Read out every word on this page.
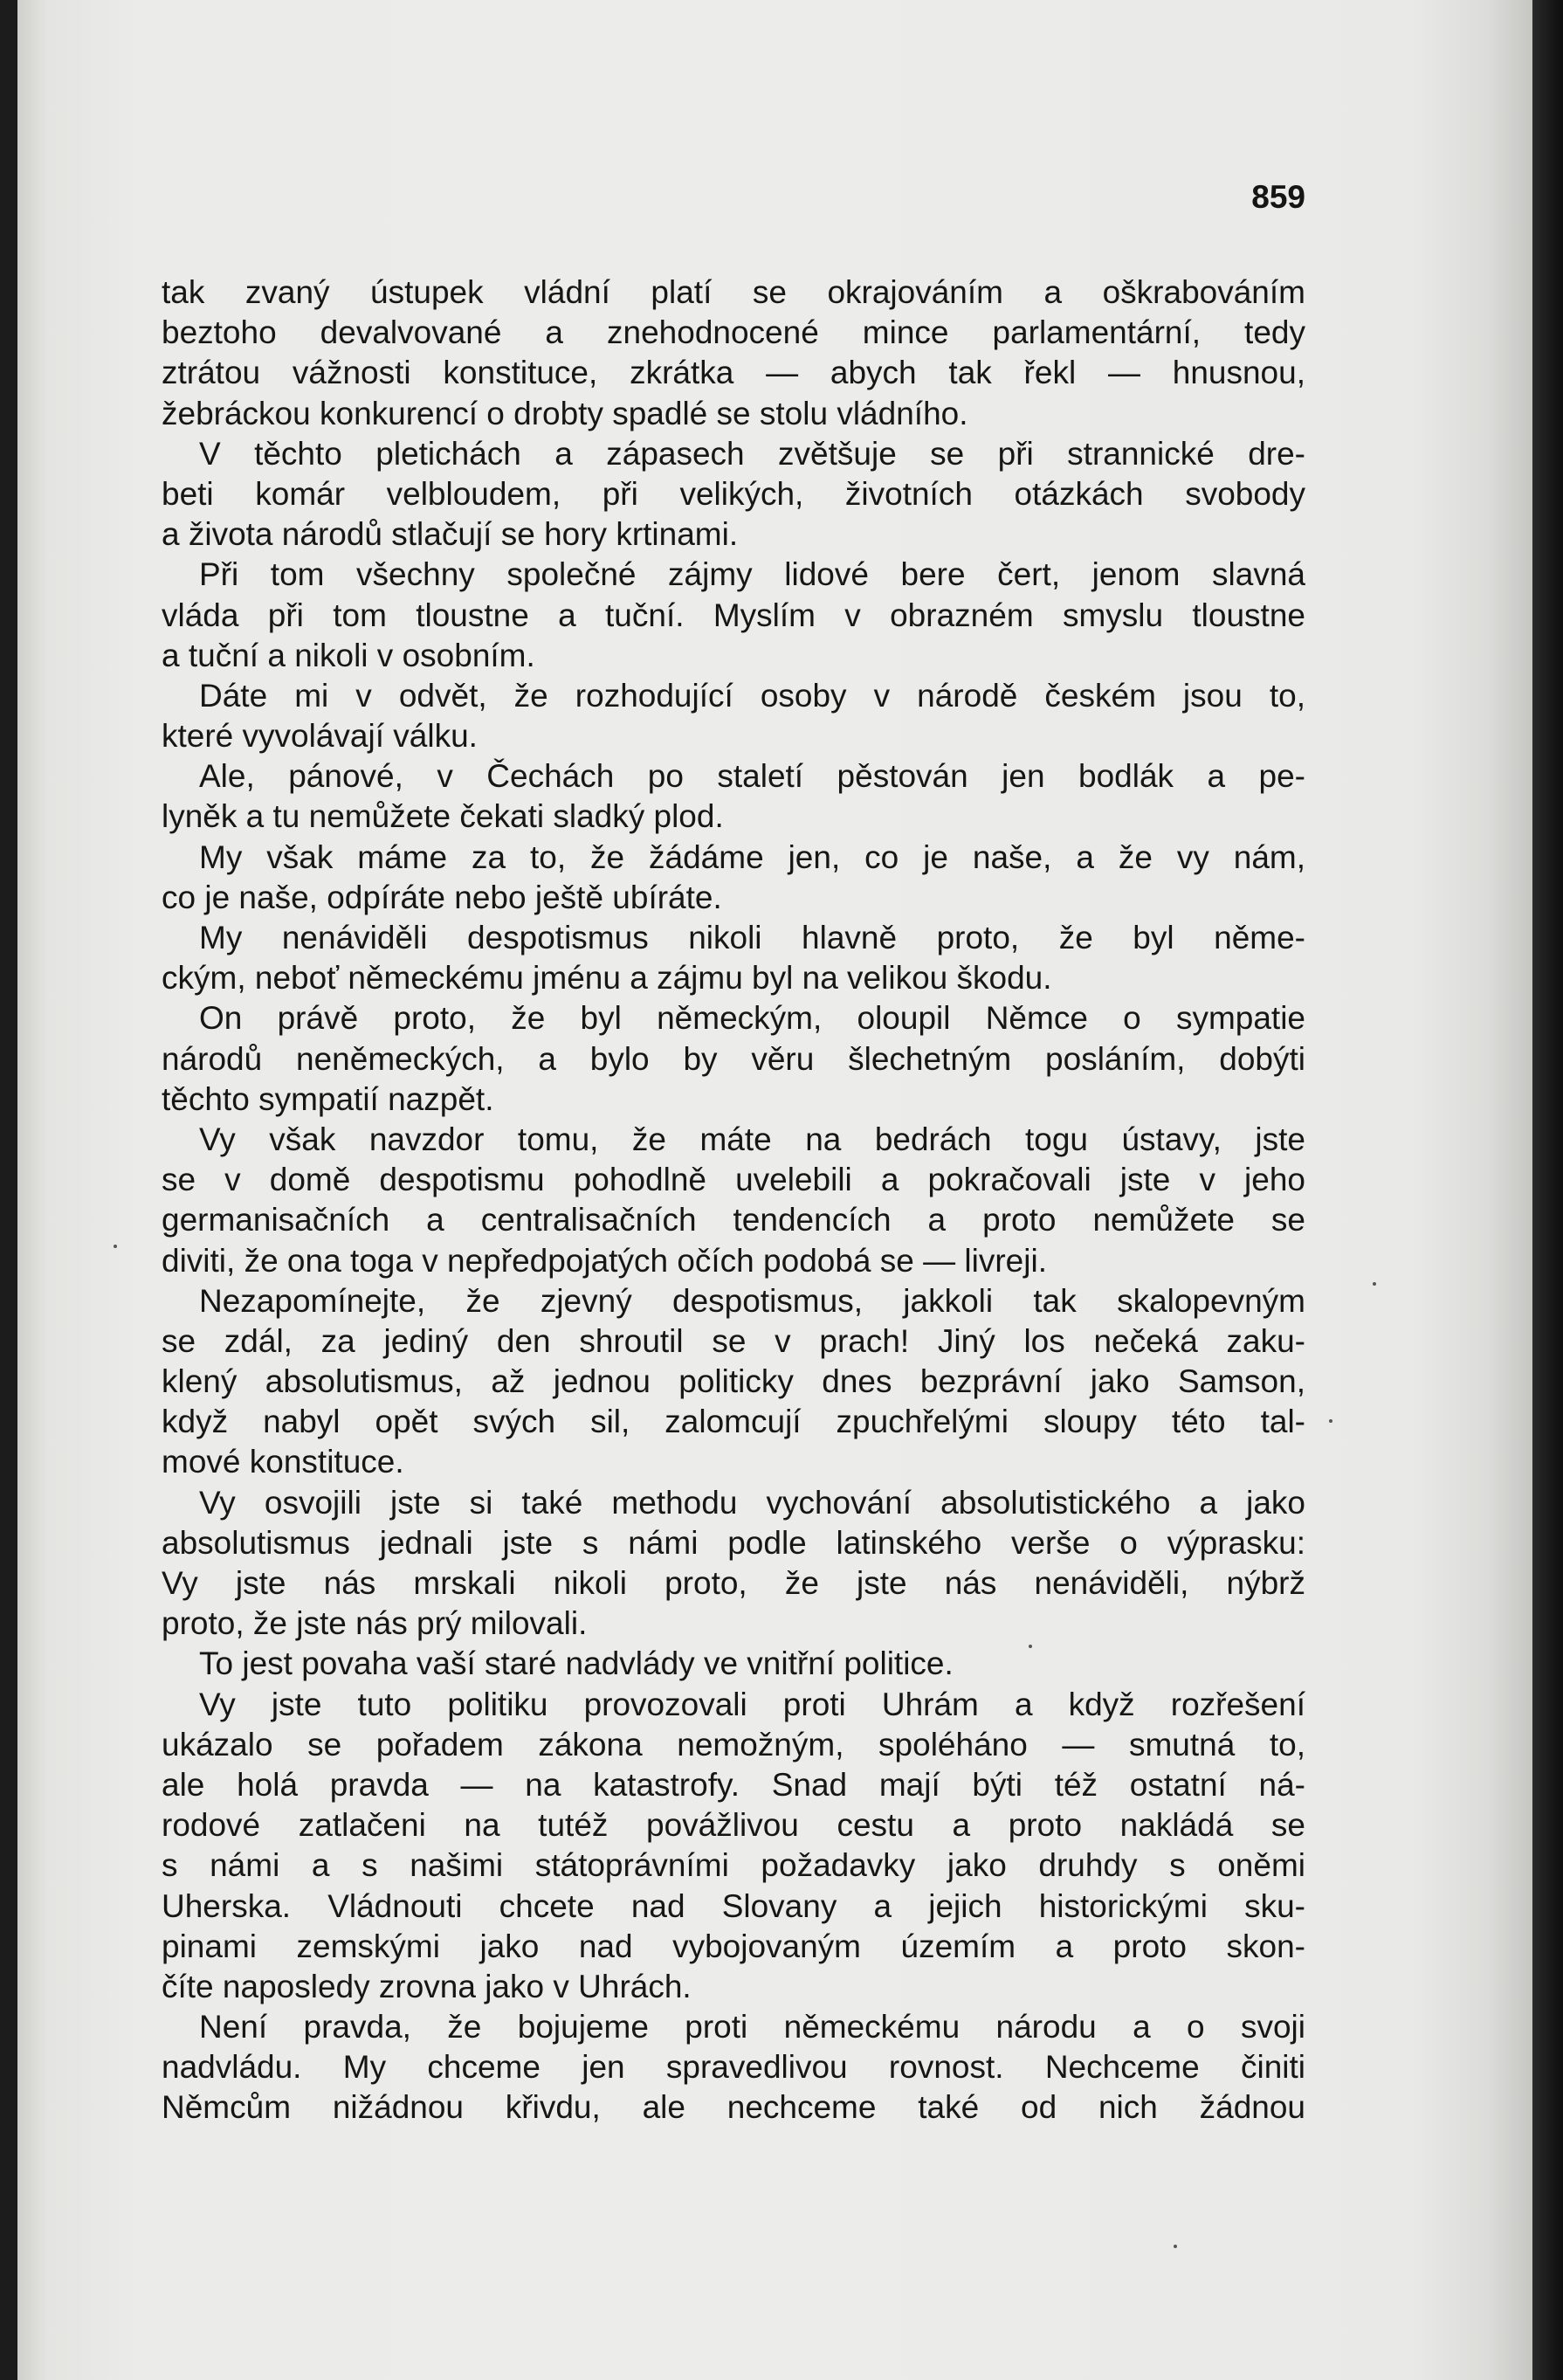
859
tak zvaný ústupek vládní platí se okrajováním a oškrabováním
beztoho devalvované a znehodnocené mince parlamentární, tedy
ztrátou vážnosti konstituce, zkrátka — abych tak řekl — hnusnou,
žebráckou konkurencí o drobty spadlé se stolu vládního.
V těchto pletichách a zápasech zvětšuje se při strannické dre-
beti komár velbloudem, při velikých, životních otázkách svobody
a života národů stlačují se hory krtinami.
Při tom všechny společné zájmy lidové bere čert, jenom slavná
vláda při tom tloustne a tuční. Myslím v obrazném smyslu tloustne
a tuční a nikoli v osobním.
Dáte mi v odvět, že rozhodující osoby v národě českém jsou to,
které vyvolávají válku.
Ale, pánové, v Čechách po staletí pěstován jen bodlák a pe-
lyněk a tu nemůžete čekati sladký plod.
My však máme za to, že žádáme jen, co je naše, a že vy nám,
co je naše, odpíráte nebo ještě ubíráte.
My nenáviděli despotismus nikoli hlavně proto, že byl něme-
ckým, neboť německému jménu a zájmu byl na velikou škodu.
On právě proto, že byl německým, oloupil Němce o sympatie
národů neněmeckých, a bylo by věru šlechetným posláním, dobýti
těchto sympatií nazpět.
Vy však navzdor tomu, že máte na bedrách togu ústavy, jste
se v domě despotismu pohodlně uvelebili a pokračovali jste v jeho
germanisačních a centralisačních tendencích a proto nemůžete se
diviti, že ona toga v nepředpojatých očích podobá se — livreji.
Nezapomínejte, že zjevný despotismus, jakkoli tak skalopevným
se zdál, za jediný den shroutil se v prach! Jiný los nečeká zaku-
klený absolutismus, až jednou politicky dnes bezprávní jako Samson,
když nabyl opět svých sil, zalomcují zpuchřelými sloupy této tal-
mové konstituce.
Vy osvojili jste si také methodu vychování absolutistického a jako
absolutismus jednali jste s námi podle latinského verše o výprasku:
Vy jste nás mrskali nikoli proto, že jste nás nenáviděli, nýbrž
proto, že jste nás prý milovali.
To jest povaha vaší staré nadvlády ve vnitřní politice.
Vy jste tuto politiku provozovali proti Uhrám a když rozřešení
ukázalo se pořadem zákona nemožným, spoléháno — smutná to,
ale holá pravda — na katastrofy. Snad mají býti též ostatní ná-
rodové zatlačeni na tutéž povážlivou cestu a proto nakládá se
s námi a s našimi státoprávními požadavky jako druhdy s oněmi
Uherska. Vládnouti chcete nad Slovany a jejich historickými sku-
pinami zemskými jako nad vybojovaným územím a proto skon-
číte naposledy zrovna jako v Uhrách.
Není pravda, že bojujeme proti německému národu a o svoji
nadvládu. My chceme jen spravedlivou rovnost. Nechceme činiti
Němcům nižádnou křivdu, ale nechceme také od nich žádnou
